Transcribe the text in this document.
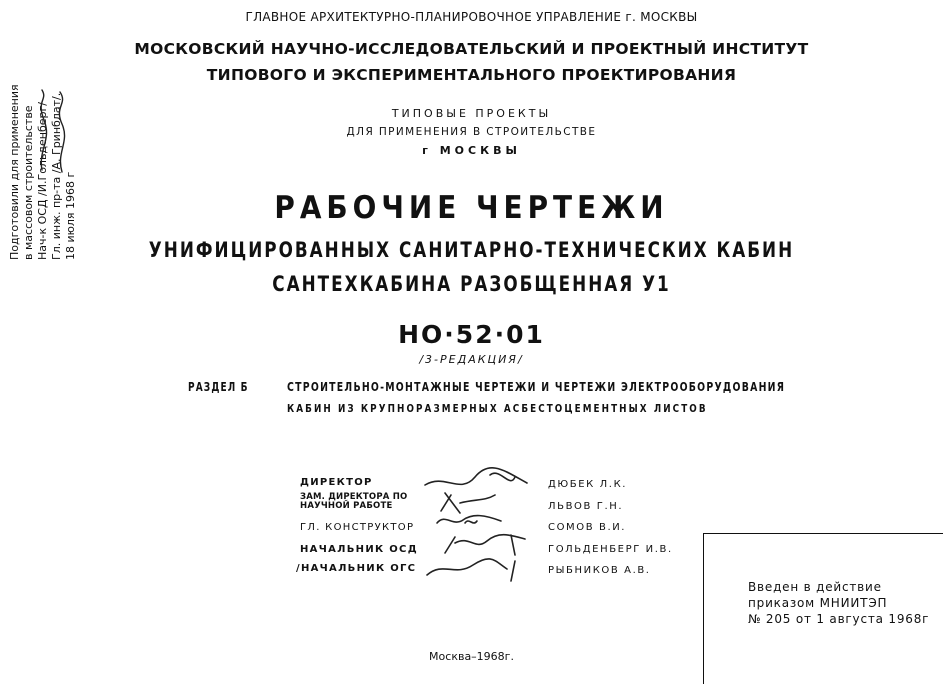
ГЛАВНОЕ АРХИТЕКТУРНО-ПЛАНИРОВОЧНОЕ УПРАВЛЕНИЕ г. МОСКВЫ
МОСКОВСКИЙ НАУЧНО-ИССЛЕДОВАТЕЛЬСКИЙ И ПРОЕКТНЫЙ ИНСТИТУТ
ТИПОВОГО И ЭКСПЕРИМЕНТАЛЬНОГО ПРОЕКТИРОВАНИЯ
ТИПОВЫЕ ПРОЕКТЫ
ДЛЯ ПРИМЕНЕНИЯ В СТРОИТЕЛЬСТВЕ
г МОСКВЫ
РАБОЧИЕ ЧЕРТЕЖИ
УНИФИЦИРОВАННЫХ САНИТАРНО-ТЕХНИЧЕСКИХ КАБИН
САНТЕХКАБИНА РАЗОБЩЕННАЯ У1
НО·52·01
/3-РЕДАКЦИЯ/
РАЗДЕЛ Б	СТРОИТЕЛЬНО-МОНТАЖНЫЕ ЧЕРТЕЖИ И ЧЕРТЕЖИ ЭЛЕКТРООБОРУДОВАНИЯ
КАБИН ИЗ КРУПНОРАЗМЕРНЫХ АСБЕСТОЦЕМЕНТНЫХ ЛИСТОВ
ДИРЕКТОР	ДЮБЕК Л.К.
ЗАМ. ДИРЕКТОРА ПО НАУЧНОЙ РАБОТЕ	ЛЬВОВ Г.Н.
ГЛ. КОНСТРУКТОР	СОМОВ В.И.
НАЧАЛЬНИК ОСД	ГОЛЬДЕНБЕРГ И.В.
/НАЧАЛЬНИК ОГС	РЫБНИКОВ А.В.
Введен в действие
приказом МНИИТЭП
№ 205 от 1 августа 1968г
Москва–1968г.
Подготовили для применения в массовом строительстве Нач-к ОСД /И.Гольденберг/ Гл. инж. пр-та /А. Гринблат/. 18 июля 1968 г
